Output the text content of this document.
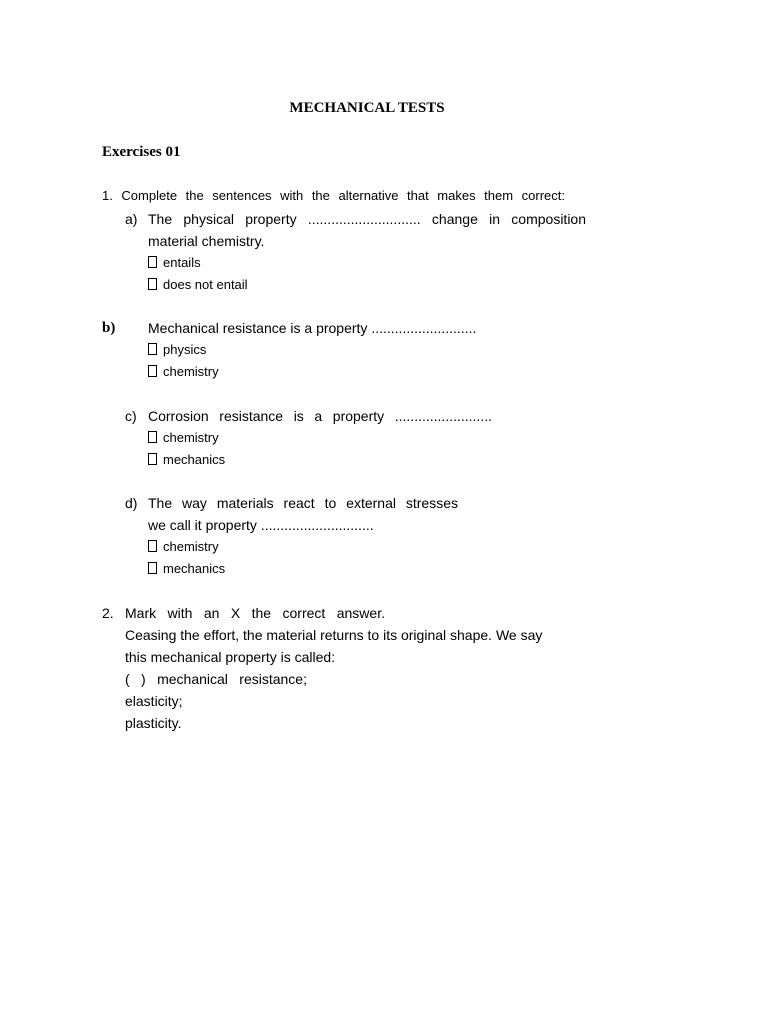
MECHANICAL TESTS
Exercises 01
1. Complete the sentences with the alternative that makes them correct:
a) The physical property ............................. change in composition
material chemistry.
entails
does not entail
b) Mechanical resistance is a property ...........................
physics
chemistry
c) Corrosion resistance is a property .........................
chemistry
mechanics
d) The way materials react to external stresses
we call it property .............................
chemistry
mechanics
2. Mark with an X the correct answer.
Ceasing the effort, the material returns to its original shape. We say
this mechanical property is called:
( ) mechanical resistance;
elasticity;
plasticity.
